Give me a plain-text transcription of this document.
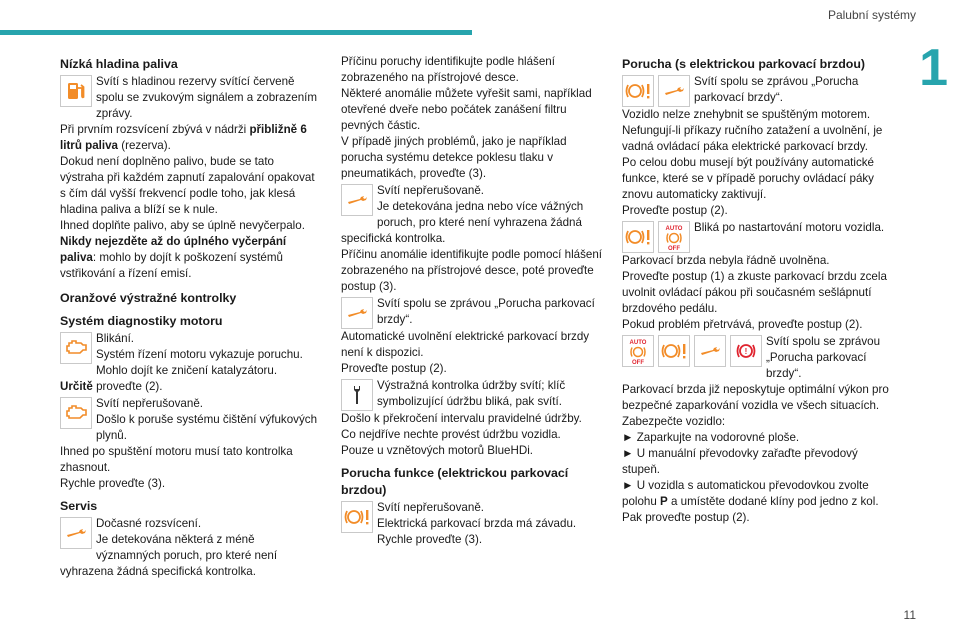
Palubní systémy
1
11
Nízká hladina paliva
Svítí s hladinou rezervy svítící červeně spolu se zvukovým signálem a zobrazením zprávy.
Při prvním rozsvícení zbývá v nádrži přibližně 6 litrů paliva (rezerva).
Dokud není doplněno palivo, bude se tato výstraha při každém zapnutí zapalování opakovat s čím dál vyšší frekvencí podle toho, jak klesá hladina paliva a blíží se k nule.
Ihned doplňte palivo, aby se úplně nevyčerpalo.
Nikdy nejezděte až do úplného vyčerpání paliva: mohlo by dojít k poškození systémů vstřikování a řízení emisí.
Oranžové výstražné kontrolky
Systém diagnostiky motoru
Blikání.
Systém řízení motoru vykazuje poruchu. Mohlo dojít ke zničení katalyzátoru.
Určitě proveďte (2).
Svítí nepřerušovaně.
Došlo k poruše systému čištění výfukových plynů.
Ihned po spuštění motoru musí tato kontrolka zhasnout.
Rychle proveďte (3).
Servis
Dočasné rozsvícení.
Je detekována některá z méně významných poruch, pro které není vyhrazena žádná specifická kontrolka.
Příčinu poruchy identifikujte podle hlášení zobrazeného na přístrojové desce.
Některé anomálie můžete vyřešit sami, například otevřené dveře nebo počátek zanášení filtru pevných částic.
V případě jiných problémů, jako je například porucha systému detekce poklesu tlaku v pneumatikách, proveďte (3).
Svítí nepřerušovaně.
Je detekována jedna nebo více vážných poruch, pro které není vyhrazena žádná specifická kontrolka.
Příčinu anomálie identifikujte podle pomocí hlášení zobrazeného na přístrojové desce, poté proveďte postup (3).
Svítí spolu se zprávou „Porucha parkovací brzdy“.
Automatické uvolnění elektrické parkovací brzdy není k dispozici.
Proveďte postup (2).
Výstražná kontrolka údržby svítí; klíč symbolizující údržbu bliká, pak svítí.
Došlo k překročení intervalu pravidelné údržby.
Co nejdříve nechte provést údržbu vozidla.
Pouze u vznětových motorů BlueHDi.
Porucha funkce (elektrickou parkovací brzdou)
Svítí nepřerušovaně.
Elektrická parkovací brzda má závadu.
Rychle proveďte (3).
Porucha (s elektrickou parkovací brzdou)
Svítí spolu se zprávou „Porucha parkovací brzdy“.
Vozidlo nelze znehybnit se spuštěným motorem. Nefungují-li příkazy ručního zatažení a uvolnění, je vadná ovládací páka elektrické parkovací brzdy.
Po celou dobu musejí být používány automatické funkce, které se v případě poruchy ovládací páky znovu automaticky zaktivují.
Proveďte postup (2).
AUTO
OFF
Bliká po nastartování motoru vozidla.
Parkovací brzda nebyla řádně uvolněna.
Proveďte postup (1) a zkuste parkovací brzdu zcela uvolnit ovládací pákou při současném sešlápnutí brzdového pedálu.
Pokud problém přetrvává, proveďte postup (2).
AUTO
OFF
!
Svítí spolu se zprávou „Porucha parkovací brzdy“.
Parkovací brzda již neposkytuje optimální výkon pro bezpečné zaparkování vozidla ve všech situacích.
Zabezpečte vozidlo:
► Zaparkujte na vodorovné ploše.
► U manuální převodovky zařaďte převodový stupeň.
► U vozidla s automatickou převodovkou zvolte polohu P a umístěte dodané klíny pod jedno z kol.
Pak proveďte postup (2).
